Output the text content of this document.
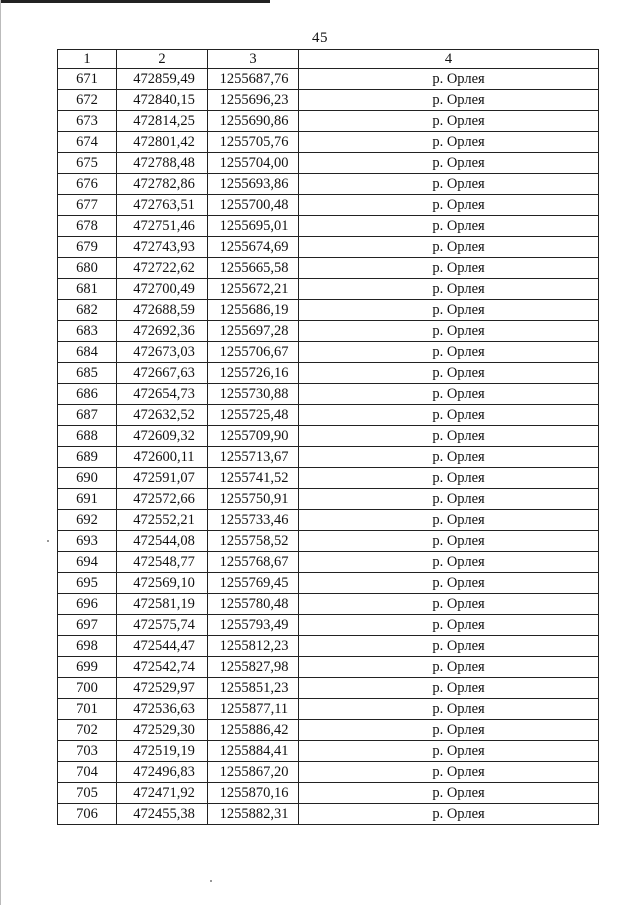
45
1	2	3	4
671	472859,49	1255687,76	р. Орлея
672	472840,15	1255696,23	р. Орлея
673	472814,25	1255690,86	р. Орлея
674	472801,42	1255705,76	р. Орлея
675	472788,48	1255704,00	р. Орлея
676	472782,86	1255693,86	р. Орлея
677	472763,51	1255700,48	р. Орлея
678	472751,46	1255695,01	р. Орлея
679	472743,93	1255674,69	р. Орлея
680	472722,62	1255665,58	р. Орлея
681	472700,49	1255672,21	р. Орлея
682	472688,59	1255686,19	р. Орлея
683	472692,36	1255697,28	р. Орлея
684	472673,03	1255706,67	р. Орлея
685	472667,63	1255726,16	р. Орлея
686	472654,73	1255730,88	р. Орлея
687	472632,52	1255725,48	р. Орлея
688	472609,32	1255709,90	р. Орлея
689	472600,11	1255713,67	р. Орлея
690	472591,07	1255741,52	р. Орлея
691	472572,66	1255750,91	р. Орлея
692	472552,21	1255733,46	р. Орлея
693	472544,08	1255758,52	р. Орлея
694	472548,77	1255768,67	р. Орлея
695	472569,10	1255769,45	р. Орлея
696	472581,19	1255780,48	р. Орлея
697	472575,74	1255793,49	р. Орлея
698	472544,47	1255812,23	р. Орлея
699	472542,74	1255827,98	р. Орлея
700	472529,97	1255851,23	р. Орлея
701	472536,63	1255877,11	р. Орлея
702	472529,30	1255886,42	р. Орлея
703	472519,19	1255884,41	р. Орлея
704	472496,83	1255867,20	р. Орлея
705	472471,92	1255870,16	р. Орлея
706	472455,38	1255882,31	р. Орлея
